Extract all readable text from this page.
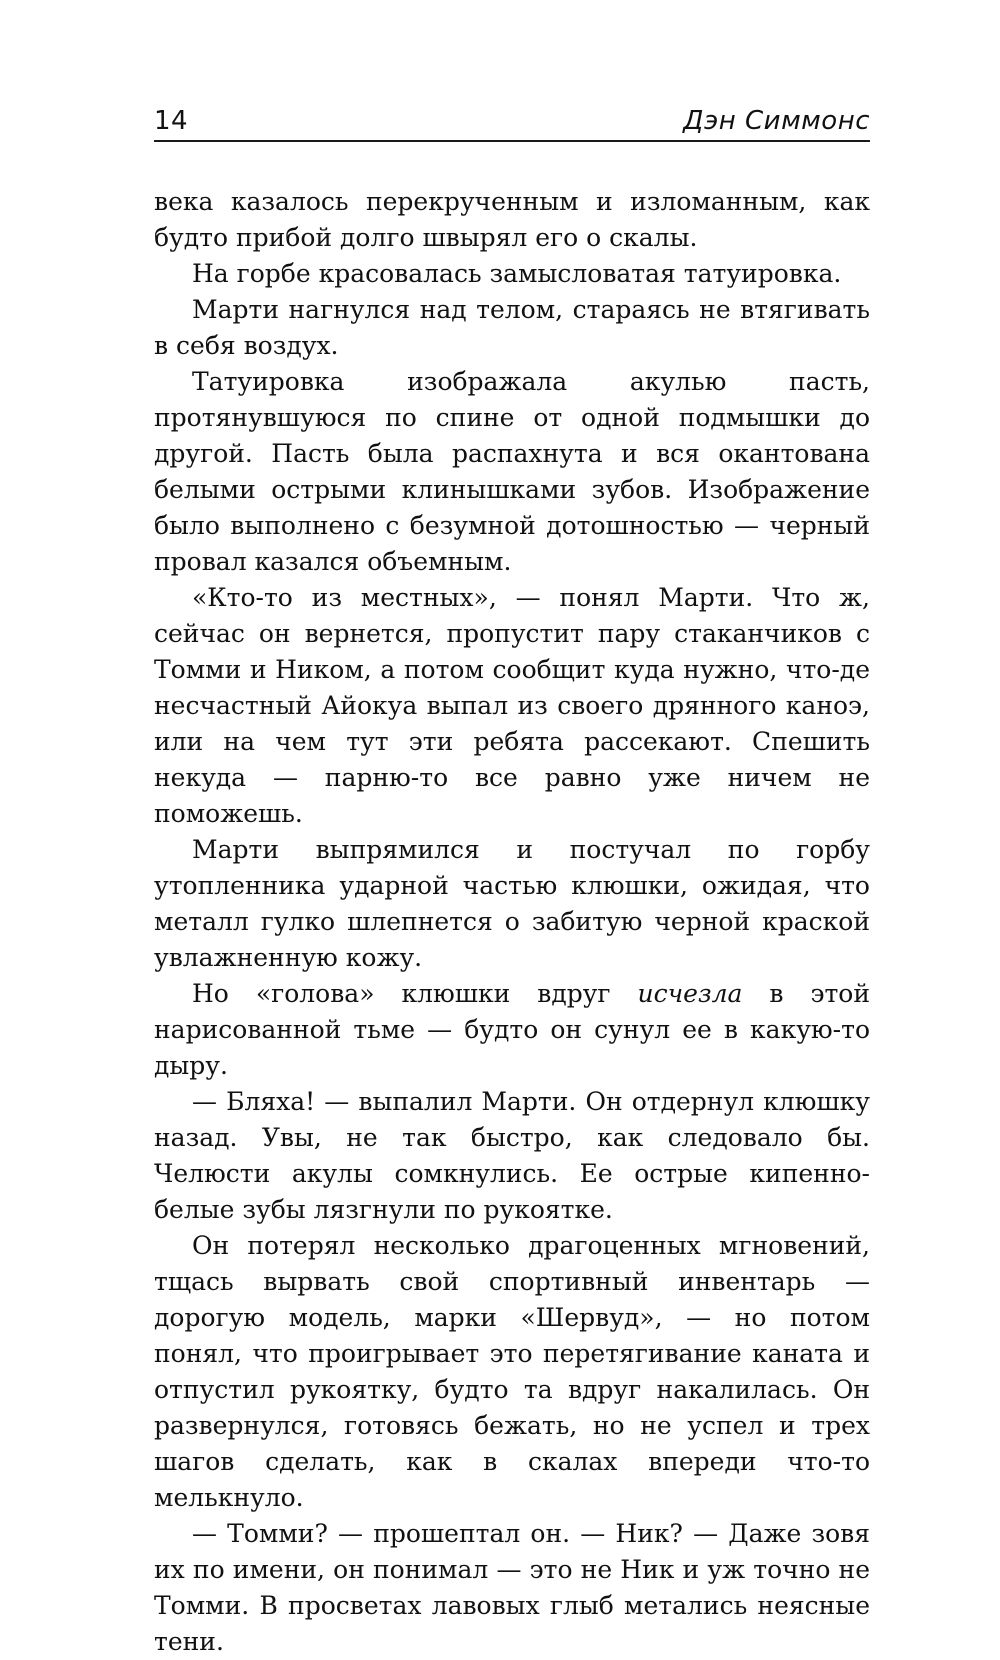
14	Дэн Симмонс

века казалось перекрученным и изломанным, как будто прибой долго швырял его о скалы.

На горбе красовалась замысловатая татуировка.

Марти нагнулся над телом, стараясь не втягивать в себя воздух.

Татуировка изображала акулью пасть, протянувшуюся по спине от одной подмышки до другой. Пасть была распахнута и вся окантована белыми острыми клинышками зубов. Изображение было выполнено с безумной дотошностью — черный провал казался объемным.

«Кто-то из местных», — понял Марти. Что ж, сейчас он вернется, пропустит пару стаканчиков с Томми и Ником, а потом сообщит куда нужно, что-де несчастный Айокуа выпал из своего дрянного каноэ, или на чем тут эти ребята рассекают. Спешить некуда — парню-то все равно уже ничем не поможешь.

Марти выпрямился и постучал по горбу утопленника ударной частью клюшки, ожидая, что металл гулко шлепнется о забитую черной краской увлажненную кожу.

Но «голова» клюшки вдруг исчезла в этой нарисованной тьме — будто он сунул ее в какую-то дыру.

— Бляха! — выпалил Марти. Он отдернул клюшку назад. Увы, не так быстро, как следовало бы. Челюсти акулы сомкнулись. Ее острые кипенно-белые зубы лязгнули по рукоятке.

Он потерял несколько драгоценных мгновений, тщась вырвать свой спортивный инвентарь — дорогую модель, марки «Шервуд», — но потом понял, что проигрывает это перетягивание каната и отпустил рукоятку, будто та вдруг накалилась. Он развернулся, готовясь бежать, но не успел и трех шагов сделать, как в скалах впереди что-то мелькнуло.

— Томми? — прошептал он. — Ник? — Даже зовя их по имени, он понимал — это не Ник и уж точно не Томми. В просветах лавовых глыб метались неясные тени.
